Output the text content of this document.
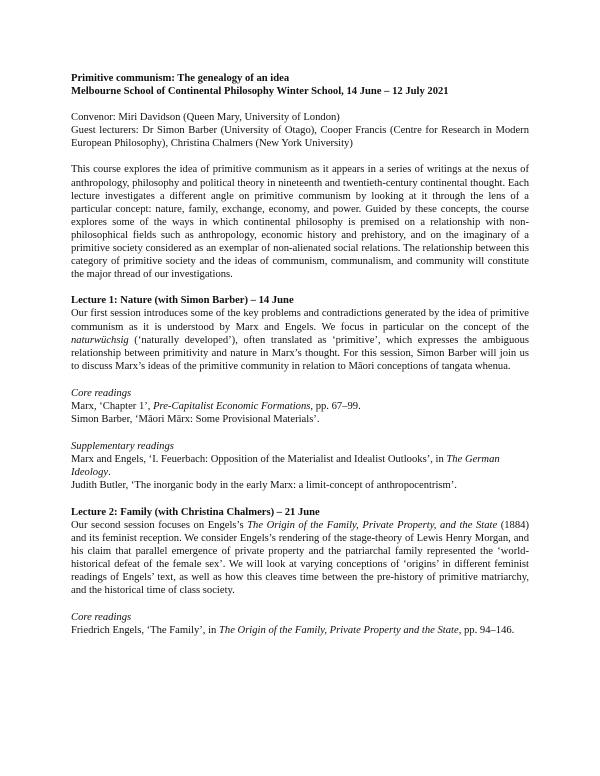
Primitive communism: The genealogy of an idea

Melbourne School of Continental Philosophy Winter School, 14 June – 12 July 2021

Convenor: Miri Davidson (Queen Mary, University of London)

Guest lecturers: Dr Simon Barber (University of Otago), Cooper Francis (Centre for Research in Modern European Philosophy), Christina Chalmers (New York University)

This course explores the idea of primitive communism as it appears in a series of writings at the nexus of anthropology, philosophy and political theory in nineteenth and twentieth-century continental thought. Each lecture investigates a different angle on primitive communism by looking at it through the lens of a particular concept: nature, family, exchange, economy, and power. Guided by these concepts, the course explores some of the ways in which continental philosophy is premised on a relationship with non-philosophical fields such as anthropology, economic history and prehistory, and on the imaginary of a primitive society considered as an exemplar of non-alienated social relations. The relationship between this category of primitive society and the ideas of communism, communalism, and community will constitute the major thread of our investigations.

Lecture 1: Nature (with Simon Barber) – 14 June

Our first session introduces some of the key problems and contradictions generated by the idea of primitive communism as it is understood by Marx and Engels. We focus in particular on the concept of the naturwüchsig (‘naturally developed’), often translated as ‘primitive’, which expresses the ambiguous relationship between primitivity and nature in Marx’s thought. For this session, Simon Barber will join us to discuss Marx’s ideas of the primitive community in relation to Māori conceptions of tangata whenua.

Core readings

Marx, ‘Chapter 1’, Pre-Capitalist Economic Formations, pp. 67–99.

Simon Barber, ‘Māori Mārx: Some Provisional Materials’.

Supplementary readings

Marx and Engels, ‘I. Feuerbach: Opposition of the Materialist and Idealist Outlooks’, in The German Ideology.

Judith Butler, ‘The inorganic body in the early Marx: a limit-concept of anthropocentrism’.

Lecture 2: Family (with Christina Chalmers) – 21 June

Our second session focuses on Engels’s The Origin of the Family, Private Property, and the State (1884) and its feminist reception. We consider Engels’s rendering of the stage-theory of Lewis Henry Morgan, and his claim that parallel emergence of private property and the patriarchal family represented the ‘world-historical defeat of the female sex’. We will look at varying conceptions of ‘origins’ in different feminist readings of Engels’ text, as well as how this cleaves time between the pre-history of primitive matriarchy, and the historical time of class society.

Core readings

Friedrich Engels, ‘The Family’, in The Origin of the Family, Private Property and the State, pp. 94–146.
